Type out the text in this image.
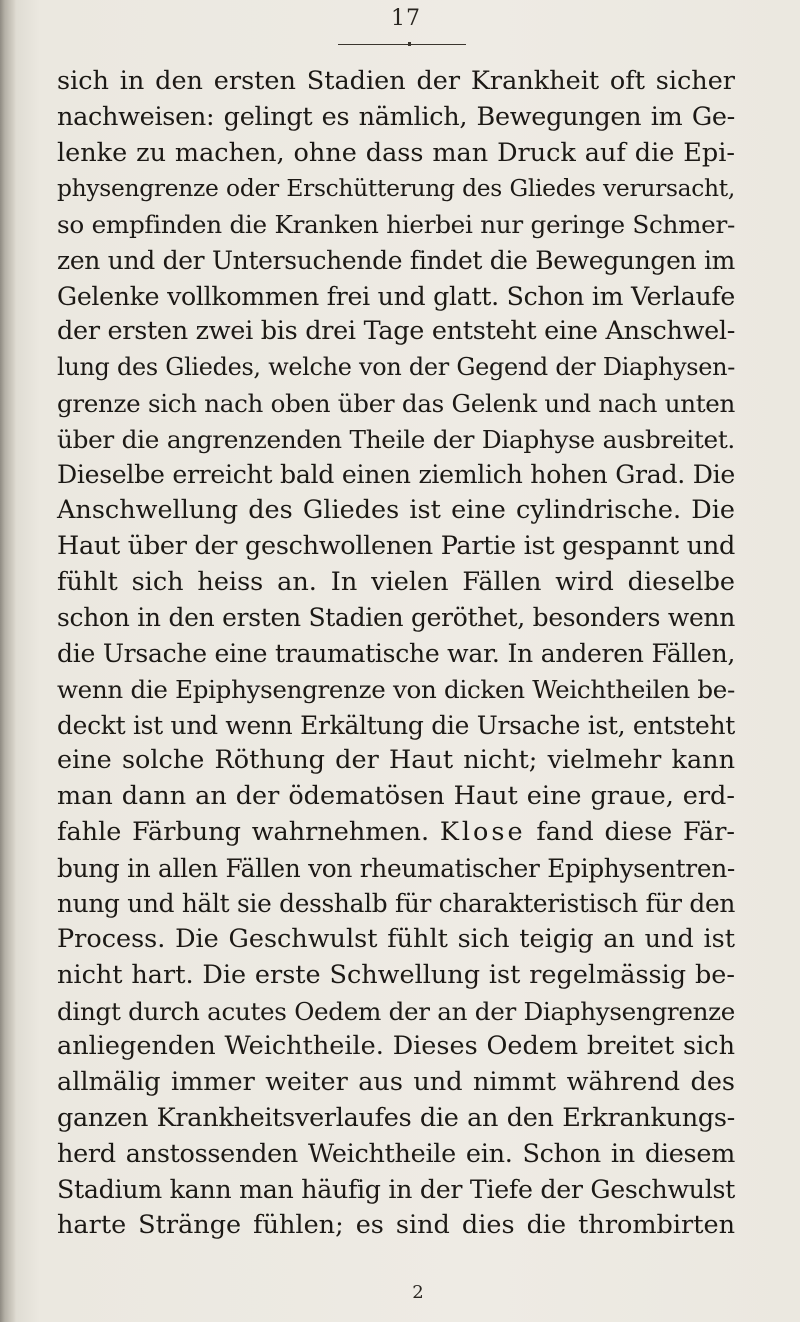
17
sich in den ersten Stadien der Krankheit oft sicher
nachweisen: gelingt es nämlich, Bewegungen im Ge-
lenke zu machen, ohne dass man Druck auf die Epi-
physengrenze oder Erschütterung des Gliedes verursacht,
so empfinden die Kranken hierbei nur geringe Schmer-
zen und der Untersuchende findet die Bewegungen im
Gelenke vollkommen frei und glatt. Schon im Verlaufe
der ersten zwei bis drei Tage entsteht eine Anschwel-
lung des Gliedes, welche von der Gegend der Diaphysen-
grenze sich nach oben über das Gelenk und nach unten
über die angrenzenden Theile der Diaphyse ausbreitet.
Dieselbe erreicht bald einen ziemlich hohen Grad. Die
Anschwellung des Gliedes ist eine cylindrische. Die
Haut über der geschwollenen Partie ist gespannt und
fühlt sich heiss an. In vielen Fällen wird dieselbe
schon in den ersten Stadien geröthet, besonders wenn
die Ursache eine traumatische war. In anderen Fällen,
wenn die Epiphysengrenze von dicken Weichtheilen be-
deckt ist und wenn Erkältung die Ursache ist, entsteht
eine solche Röthung der Haut nicht; vielmehr kann
man dann an der ödematösen Haut eine graue, erd-
fahle Färbung wahrnehmen. Klose fand diese Fär-
bung in allen Fällen von rheumatischer Epiphysentren-
nung und hält sie desshalb für charakteristisch für den
Process. Die Geschwulst fühlt sich teigig an und ist
nicht hart. Die erste Schwellung ist regelmässig be-
dingt durch acutes Oedem der an der Diaphysengrenze
anliegenden Weichtheile. Dieses Oedem breitet sich
allmälig immer weiter aus und nimmt während des
ganzen Krankheitsverlaufes die an den Erkrankungs-
herd anstossenden Weichtheile ein. Schon in diesem
Stadium kann man häufig in der Tiefe der Geschwulst
harte Stränge fühlen; es sind dies die thrombirten
2
